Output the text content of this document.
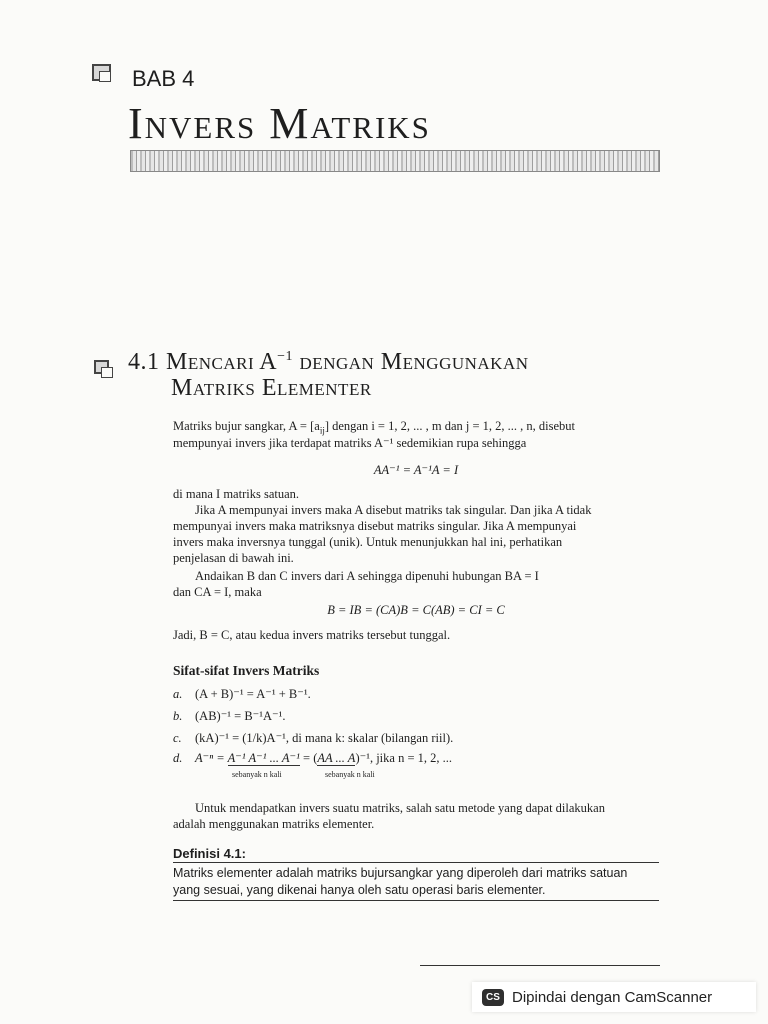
BAB 4
Invers Matriks
4.1 Mencari $A^{-1}$ dengan Menggunakan
Matriks Elementer
Matriks bujur sangkar, $A = [a_{ij}]$ dengan i = 1, 2, ... , m dan j = 1, 2, ... , n, disebut
mempunyai invers jika terdapat matriks A⁻¹ sedemikian rupa sehingga
AA⁻¹ = A⁻¹A = I
di mana I matriks satuan.
Jika A mempunyai invers maka A disebut matriks tak singular. Dan jika A tidak
mempunyai invers maka matriksnya disebut matriks singular. Jika A mempunyai
invers maka inversnya tunggal (unik). Untuk menunjukkan hal ini, perhatikan
penjelasan di bawah ini.
Andaikan B dan C invers dari A sehingga dipenuhi hubungan BA = I
dan CA = I, maka
B = IB = (CA)B = C(AB) = CI = C
Jadi, B = C, atau kedua invers matriks tersebut tunggal.
Sifat-sifat Invers Matriks
a. (A + B)⁻¹ = A⁻¹ + B⁻¹.
b. (AB)⁻¹ = B⁻¹A⁻¹.
c. (kA)⁻¹ = (1/k)A⁻¹, di mana k: skalar (bilangan riil).
d. A⁻ⁿ = A⁻¹ A⁻¹ ... A⁻¹ = (AA ... A)⁻¹, jika n = 1, 2, ...
sebanyak n kali	sebanyak n kali
Untuk mendapatkan invers suatu matriks, salah satu metode yang dapat dilakukan
adalah menggunakan matriks elementer.
Definisi 4.1:
Matriks elementer adalah matriks bujursangkar yang diperoleh dari matriks satuan
yang sesuai, yang dikenai hanya oleh satu operasi baris elementer.
CS Dipindai dengan CamScanner
